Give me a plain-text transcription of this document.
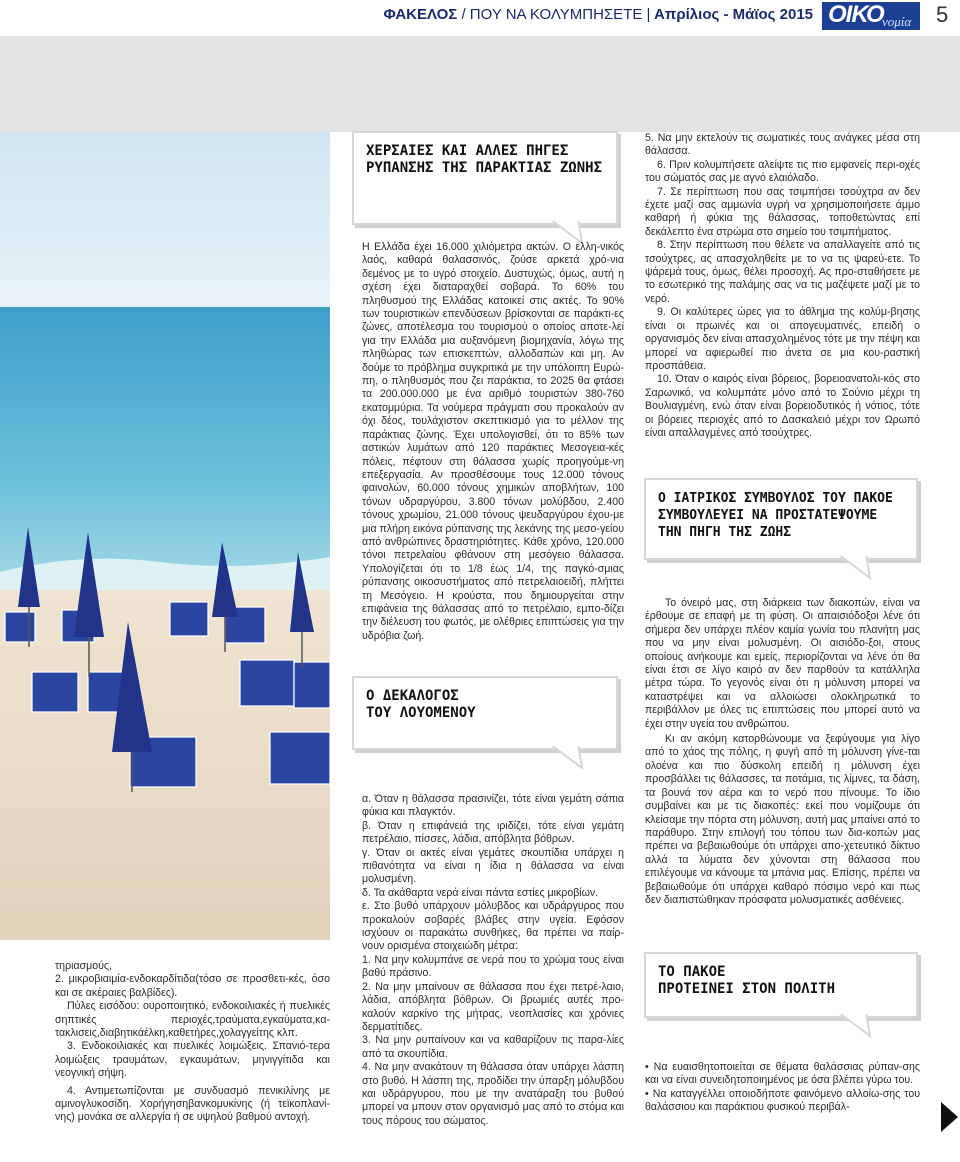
ΦΑΚΕΛΟΣ / ΠΟΥ ΝΑ ΚΟΛΥΜΠΗΣΕΤΕ | Απρίλιος - Μάϊος 2015 ΟΙΚΟ
νομία 5

τηριασμούς,

2. μικροβιαιμία-ενδοκαρδίτιδα(τόσο σε προσθετι-κές, όσο και σε ακέραιες βαλβίδες).

Πύλες εισόδου: ουροποιητικό, ενδοκοιλιακές ή πυελικές σηπτικές περιοχές,τραύματα,εγκαύματα,κα-τακλισεις,διαβητικάέλκη,καθετήρες,χολαγγείτης κλπ.

3. Ενδοκοιλιακές και πυελικές λοιμώξεις. Σπανιό-τερα λοιμώξεις τραυμάτων, εγκαυμάτων, μηνιγγίτιδα και νεογνική σήψη.

4. Αντιμετωπίζονται με συνδυασμό πενικιλίνης με αμινογλυκοσίδη. Χορήγησηβανκομυκίνης (ή τεϊκοπλανί-νης) μονάκα σε αλλεργία ή σε υψηλού βαθμού αντοχή.

ΧΕΡΣΑΙΕΣ ΚΑΙ ΑΛΛΕΣ ΠΗΓΕΣ
ΡΥΠΑΝΣΗΣ ΤΗΣ ΠΑΡΑΚΤΙΑΣ ΖΩΝΗΣ

Η Ελλάδα έχει 16.000 χιλιόμετρα ακτών. Ο ελλη-νικός λαός, καθαρά θαλασσινός, ζούσε αρκετά χρό-νια δεμένος με το υγρό στοιχείο. Δυστυχώς, όμως, αυτή η σχέση έχει διαταραχθεί σοβαρά. Το 60% του πληθυσμού της Ελλάδας κατοικεί στις ακτές. Το 90% των τουριστικών επενδύσεων βρίσκονται σε παράκτι-ες ζώνες, αποτέλεσμα του τουρισμού ο οποίος αποτε-λεί για την Ελλάδα μια αυξανόμενη βιομηχανία, λόγω της πληθώρας των επισκεπτών, αλλοδαπών και μη. Αν δούμε το πρόβλημα συγκριτικά με την υπόλοιπη Ευρώ-πη, ο πληθυσμός που ζει παράκτια, το 2025 θα φτάσει τα 200.000.000 με ένα αριθμό τουριστών 380-760 εκατομμύρια. Τα νούμερα πράγματι σου προκαλούν αν όχι δέος, τουλάχιστον σκεπτικισμό για το μέλλον της παράκτιας ζώνης. Έχει υπολογισθεί, ότι το 85% των αστικών λυμάτων από 120 παράκτιες Μεσογεια-κές πόλεις, πέφτουν στη θάλασσα χωρίς προηγούμε-νη επεξεργασία. Αν προσθέσουμε τους 12.000 τόνους φαινολών, 60.000 τόνους χημικών αποβλήτων, 100 τόνων υδραργύρου, 3.800 τόνων μολύβδου, 2.400 τόνους χρωμίου, 21.000 τόνους ψευδαργύρου έχου-με μια πλήρη εικόνα ρύπανσης της λεκάνης της μεσο-γείου από ανθρώπινες δραστηριότητες. Κάθε χρόνο, 120.000 τόνοι πετρελαίου φθάνουν στη μεσόγειο θάλασσα. Υπολογίζεται ότι το 1/8 έως 1/4, της παγκό-σμιας ρύπανσης οικοσυστήματος από πετρελαιοειδή, πλήττει τη Μεσόγειο. Η κρούστα, που δημιουργείται στην επιφάνεια της θάλασσας από το πετρέλαιο, εμπο-δίζει την διέλευση του φωτός, με ολέθριες επιπτώσεις για την υδρόβια ζωή.

Ο ΔΕΚΑΛΟΓΟΣ
ΤΟΥ ΛΟΥΟΜΕΝΟΥ

α. Όταν η θάλασσα πρασινίζει, τότε είναι γεμάτη σάπια φύκια και πλαγκτόν.

β. Όταν η επιφάνειά της ιριδίζει, τότε είναι γεμάτη πετρέλαιο, πίσσες, λάδια, απόβλητα βόθρων.

γ. Όταν οι ακτές είναι γεμάτες σκουπίδια υπάρχει η πιθανότητα να είναι η ίδια η θάλασσα να είναι μολυσμένη.

δ. Τα ακάθαρτα νερά είναι πάντα εστίες μικροβίων.

ε. Στο βυθό υπάρχουν μόλυβδος και υδράργυρος που προκαλούν σοβαρές βλάβες στην υγεία. Εφόσον ισχύουν οι παρακάτω συνθήκες, θα πρέπει να παίρ-νουν ορισμένα στοιχειώδη μέτρα:

1. Να μην κολυμπάνε σε νερά που το χρώμα τους είναι βαθύ πράσινο.

2. Να μην μπαίνουν σε θάλασσα που έχει πετρέ-λαιο, λάδια, απόβλητα βόθρων. Οι βρωμιές αυτές προ-καλούν καρκίνο της μήτρας, νεοπλασίες και χρόνιες δερματίτιδες.

3. Να μην ρυπαίνουν και να καθαρίζουν τις παρα-λίες από τα σκουπίδια.

4. Να μην ανακάτουν τη θάλασσα όταν υπάρχει λάσπη στο βυθό. Η λάσπη της, προδίδει την ύπαρξη μόλυβδου και υδράργυρου, που με την ανατάραξη του βυθού μπορεί να μπουν στον οργανισμό μας από το στόμα και τους πόρους του σώματος.

5. Να μην εκτελούν τις σωματικές τους ανάγκες μέσα στη θάλασσα.

6. Πριν κολυμπήσετε αλείψτε τις πιο εμφανείς περι-οχές του σώματός σας με αγνό ελαιόλαδο.

7. Σε περίπτωση που σας τσιμπήσει τσούχτρα αν δεν έχετε μαζί σας αμμωνία υγρή να χρησιμοποιήσετε άμμο καθαρή ή φύκια της θάλασσας, τοποθετώντας επί δεκάλεπτο ένα στρώμα στο σημείο του τσιμπήματος.

8. Στην περίπτωση που θέλετε να απαλλαγείτε από τις τσούχτρες, ας απασχοληθείτε με το να τις ψαρεύ-ετε. Το ψάρεμά τους, όμως, θέλει προσοχή. Ας προ-σταθήσετε με το εσωτερικό της παλάμης σας να τις μαζέψετε μαζί με το νερό.

9. Οι καλύτερες ώρες για το άθλημα της κολύμ-βησης είναι οι πρωινές και οι απογευματινές, επειδή ο οργανισμός δεν είναι απασχολημένος τότε με την πέψη και μπορεί να αφιερωθεί πιο άνετα σε μια κου-ραστική προσπάθεια.

10. Όταν ο καιρός είναι βόρειος, βορειοανατολι-κός στο Σαρωνικό, να κολυμπάτε μόνο από το Σούνιο μέχρι τη Βουλιαγμένη, ενώ όταν είναι βορειοδυτικός ή νότιος, τότε οι βόρειες περιοχές από το Δασκαλειό μέχρι τον Ωρωπό είναι απαλλαγμένες από τσούχτρες.

Ο ΙΑΤΡΙΚΟΣ ΣΥΜΒΟΥΛΟΣ ΤΟΥ ΠΑΚΟΕ
ΣΥΜΒΟΥΛΕΥΕΙ ΝΑ ΠΡΟΣΤΑΤΕΨΟΥΜΕ
ΤΗΝ ΠΗΓΗ ΤΗΣ ΖΩΗΣ

Το όνειρό μας, στη διάρκεια των διακοπών, είναι να έρθουμε σε επαφή με τη φύση. Οι απαισιόδοξοι λένε ότι σήμερα δεν υπάρχει πλέον καμία γωνία του πλανήτη μας που να μην είναι μολυσμένη. Οι αισιόδο-ξοι, στους οποίους ανήκουμε και εμείς, περιορίζονται να λένε ότι θα είναι έτσι σε λίγο καιρό αν δεν παρθούν τα κατάλληλα μέτρα τώρα. Το γεγονός είναι ότι η μόλυνση μπορεί να καταστρέψει και να αλλοιώσει ολοκληρωτικά το περιβάλλον με όλες τις επιπτώσεις που μπορεί αυτό να έχει στην υγεία του ανθρώπου.

Κι αν ακόμη κατορθώνουμε να ξεφύγουμε για λίγο από το χάος της πόλης, η φυγή από τη μόλυνση γίνε-ται ολοένα και πιο δύσκολη επειδή η μόλυνση έχει προσβάλλει τις θάλασσες, τα ποτάμια, τις λίμνες, τα δάση, τα βουνά τον αέρα και το νερό που πίνουμε. Το ίδιο συμβαίνει και με τις διακοπές: εκεί που νομίζουμε ότι κλείσαμε την πόρτα στη μόλυνση, αυτή μας μπαίνει από το παράθυρο. Στην επιλογή του τόπου των δια-κοπών μας πρέπει να βεβαιωθούμε ότι υπάρχει απο-χετευτικό δίκτυο αλλά τα λύματα δεν χύνονται στη θάλασσα που επιλέγουμε να κάνουμε τα μπάνια μας. Επίσης, πρέπει να βεβαιωθούμε ότι υπάρχει καθαρό πόσιμο νερό και πως δεν διαπιστώθηκαν πρόσφατα μολυσματικές ασθένειες.

ΤΟ ΠΑΚΟΕ
ΠΡΟΤΕΙΝΕΙ ΣΤΟΝ ΠΟΛΙΤΗ

• Να ευαισθητοποιείται σε θέματα θαλάσσιας ρύπαν-σης και να είναι συνειδητοποιημένος με όσα βλέπει γύρω του.

• Να καταγγέλλει οποιοδήποτε φαινόμενο αλλοίω-σης του θαλάσσιου και παράκτιου φυσικού περιβάλ-
